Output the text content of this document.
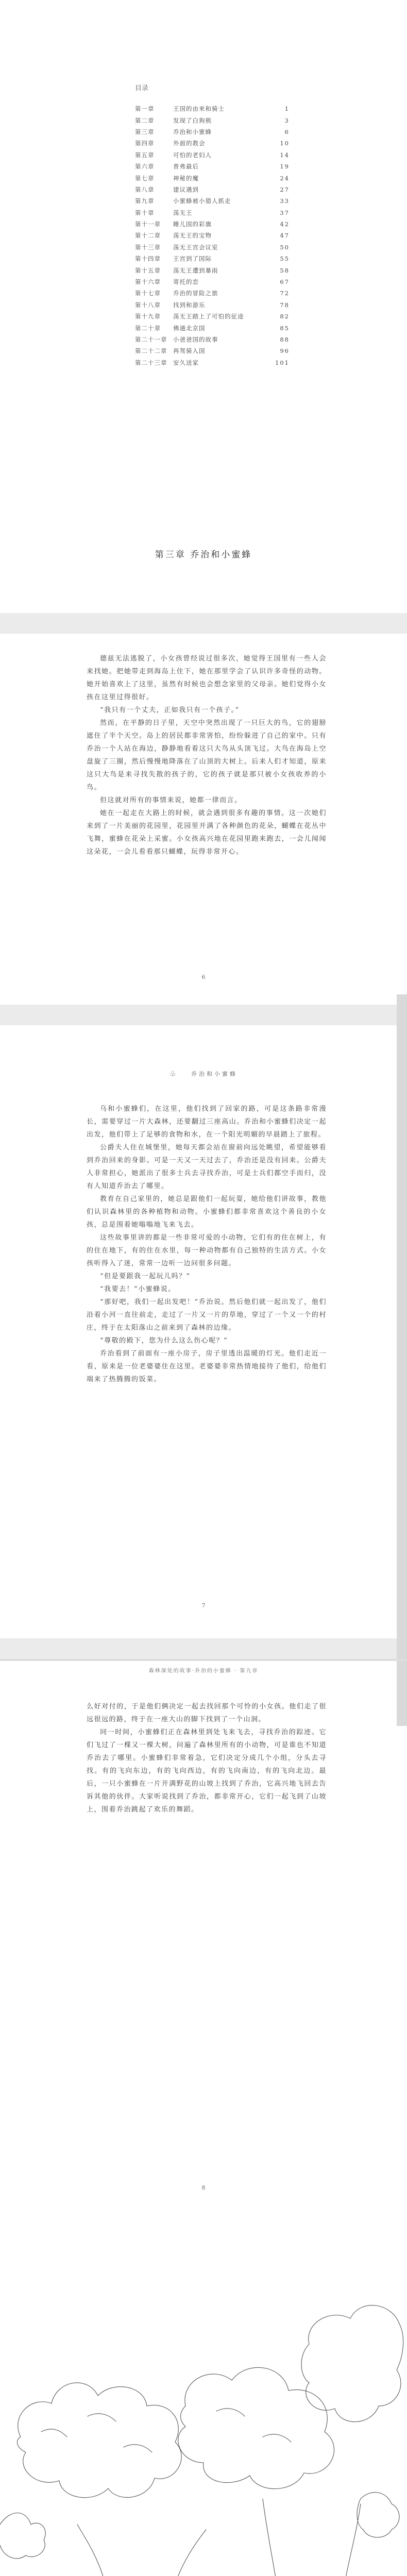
目录
第一章	王国的由来和骑士	1
第二章	发现了白狗熊	3
第三章	乔治和小蜜蜂	6
第四章	外面的教会	10
第五章	可怕的老妇人	14
第六章	普弗最后	19
第七章	神秘的魔	24
第八章	建议遇到	27
第九章	小蜜蜂被小猎人抓走	33
第十章	荡无王	37
第十一章	睡儿国的彩旗	42
第十二章	荡无王的宝物	47
第十三章	荡无王宫会议室	50
第十四章	王宫到了国际	55
第十五章	荡无王遭到暴雨	58
第十六章	寄托的恋	67
第十七章	乔治的冒险之旅	72
第十八章	找到和游乐	78
第十九章	荡无王踏上了可怕的征途	82
第二十章	佛通北京国	85
第二十一章	小爸爸国的故事	88
第二十二章	再驾骑入国	96
第二十三章	安久送家	101
第三章 乔治和小蜜蜂

德兹无法逃脱了，小女孩曾经说过很多次，她觉得王国里有一些人会来找她。把她带走到海岛上住下，她在那里学会了认识许多奇怪的动物。她开始喜欢上了这里，虽然有时候也会想念家里的父母亲。她们觉得小女孩在这里过得很好。

“我只有一个丈夫，正如我只有一个孩子。”

然而，在平静的日子里，天空中突然出现了一只巨大的鸟，它的翅膀遮住了半个天空。岛上的居民都非常害怕，纷纷躲进了自己的家中。只有乔治一个人站在海边，静静地看着这只大鸟从头顶飞过。大鸟在海岛上空盘旋了三圈，然后慢慢地降落在了山顶的大树上。后来人们才知道，原来这只大鸟是来寻找失散的孩子的，它的孩子就是那只被小女孩收养的小鸟。

但这就对所有的事情来说，她都一律而言。

她在一起走在大路上的时候，就会遇到很多有趣的事情。这一次她们来到了一片美丽的花园里，花园里开满了各种颜色的花朵，蝴蝶在花丛中飞舞，蜜蜂在花朵上采蜜。小女孩高兴地在花园里跑来跑去，一会儿闻闻这朵花，一会儿看看那只蝴蝶，玩得非常开心。

6
♧ 乔治和小蜜蜂

乌和小蜜蜂们，在这里，他们找到了回家的路，可是这条路非常漫长，需要穿过一片大森林，还要翻过三座高山。乔治和小蜜蜂们决定一起出发，他们带上了足够的食物和水，在一个阳光明媚的早晨踏上了旅程。

公爵夫人住在城堡里，她每天都会站在窗前向远处眺望，希望能够看到乔治回来的身影。可是一天又一天过去了，乔治还是没有回来。公爵夫人非常担心，她派出了很多士兵去寻找乔治，可是士兵们都空手而归，没有人知道乔治去了哪里。

教育在自己家里的，她总是跟他们一起玩耍，她给他们讲故事，教他们认识森林里的各种植物和动物。小蜜蜂们都非常喜欢这个善良的小女孩，总是围着她嗡嗡地飞来飞去。

这些故事里讲的都是一些非常可爱的小动物，它们有的住在树上，有的住在地下，有的住在水里，每一种动物都有自己独特的生活方式。小女孩听得入了迷，常常一边听一边问很多问题。

“但是要跟我一起玩儿吗？”

“我要去！”小蜜蜂说。

“那好吧，我们一起出发吧！”乔治说。然后他们就一起出发了，他们沿着小河一直往前走，走过了一片又一片的草地，穿过了一个又一个的村庄，终于在太阳落山之前来到了森林的边缘。

“尊敬的殿下，您为什么这么伤心呢？”

乔治看到了前面有一座小房子，房子里透出温暖的灯光。他们走近一看，原来是一位老婆婆住在这里。老婆婆非常热情地接待了他们，给他们端来了热腾腾的饭菜。

7
森林深处的故事·乔治的小蜜蜂 · 第九章

么好对付的，于是他们俩决定一起去找回那个可怜的小女孩。他们走了很远很远的路，终于在一座大山的脚下找到了一个山洞。

同一时间，小蜜蜂们正在森林里到处飞来飞去，寻找乔治的踪迹。它们飞过了一棵又一棵大树，问遍了森林里所有的小动物，可是谁也不知道乔治去了哪里。小蜜蜂们非常着急，它们决定分成几个小组，分头去寻找。有的飞向东边，有的飞向西边，有的飞向南边，有的飞向北边。最后，一只小蜜蜂在一片开满野花的山坡上找到了乔治，它高兴地飞回去告诉其他的伙伴。大家听说找到了乔治，都非常开心，它们一起飞到了山坡上，围着乔治跳起了欢乐的舞蹈。

8
